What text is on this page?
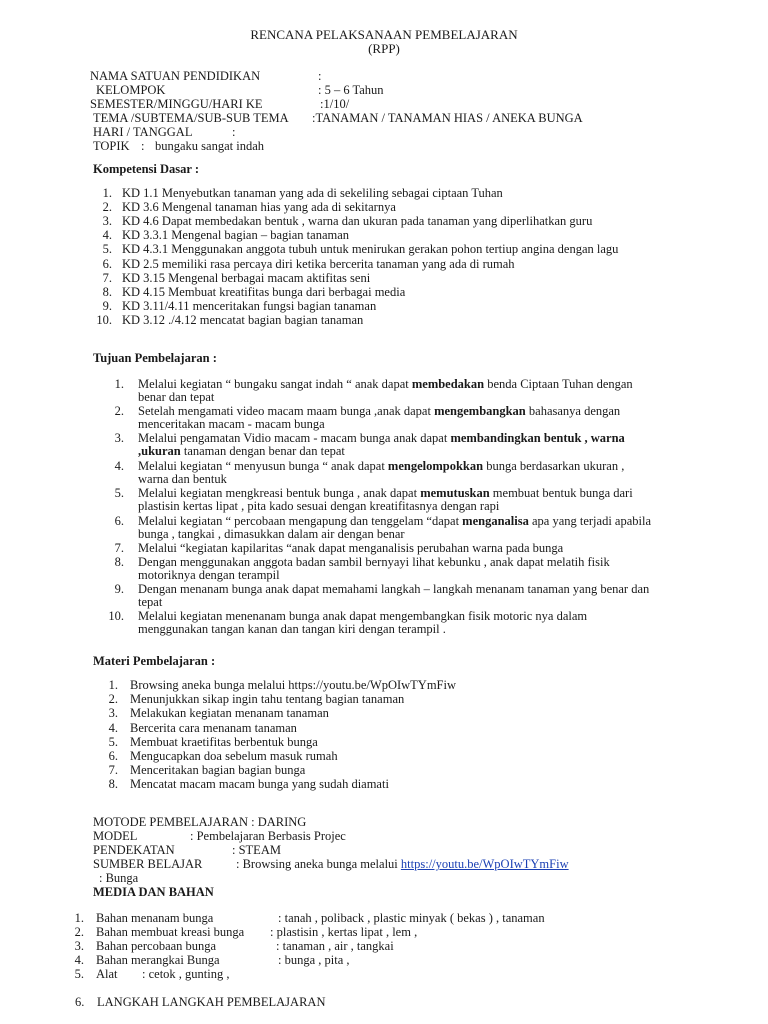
RENCANA PELAKSANAAN PEMBELAJARAN
(RPP)
NAMA SATUAN PENDIDIKAN	:
KELOMPOK	: 5 – 6 Tahun
SEMESTER/MINGGU/HARI KE	:1/10/
TEMA /SUBTEMA/SUB-SUB TEMA :TANAMAN / TANAMAN HIAS / ANEKA BUNGA
HARI / TANGGAL	:
TOPIK : bungaku sangat indah
Kompetensi Dasar :
1. KD 1.1 Menyebutkan tanaman yang ada di sekeliling sebagai ciptaan Tuhan
2. KD 3.6 Mengenal tanaman hias yang ada di sekitarnya
3. KD 4.6 Dapat membedakan bentuk , warna dan ukuran pada tanaman yang diperlihatkan guru
4. KD 3.3.1 Mengenal bagian – bagian tanaman
5. KD 4.3.1 Menggunakan anggota tubuh untuk menirukan gerakan pohon tertiup angina dengan lagu
6. KD 2.5 memiliki rasa percaya diri ketika bercerita tanaman yang ada di rumah
7. KD 3.15 Mengenal berbagai macam aktifitas seni
8. KD 4.15 Membuat kreatifitas bunga dari berbagai media
9. KD 3.11/4.11 menceritakan fungsi bagian tanaman
10. KD 3.12 ./4.12 mencatat bagian bagian tanaman
Tujuan Pembelajaran :
1. Melalui kegiatan “ bungaku sangat indah “ anak dapat membedakan benda Ciptaan Tuhan dengan
benar dan tepat
2. Setelah mengamati video macam maam bunga ,anak dapat mengembangkan bahasanya dengan
menceritakan macam - macam bunga
3. Melalui pengamatan Vidio macam - macam bunga anak dapat membandingkan bentuk , warna
,ukuran tanaman dengan benar dan tepat
4. Melalui kegiatan “ menyusun bunga “ anak dapat mengelompokkan bunga berdasarkan ukuran ,
warna dan bentuk
5. Melalui kegiatan mengkreasi bentuk bunga , anak dapat memutuskan membuat bentuk bunga dari
plastisin kertas lipat , pita kado sesuai dengan kreatifitasnya dengan rapi
6. Melalui kegiatan “ percobaan mengapung dan tenggelam “dapat menganalisa apa yang terjadi apabila
bunga , tangkai , dimasukkan dalam air dengan benar
7. Melalui “kegiatan kapilaritas “anak dapat menganalisis perubahan warna pada bunga
8. Dengan menggunakan anggota badan sambil bernyayi lihat kebunku , anak dapat melatih fisik
motoriknya dengan terampil
9. Dengan menanam bunga anak dapat memahami langkah – langkah menanam tanaman yang benar dan
tepat
10. Melalui kegiatan menenanam bunga anak dapat mengembangkan fisik motoric nya dalam
menggunakan tangan kanan dan tangan kiri dengan terampil .
Materi Pembelajaran :
1. Browsing aneka bunga melalui https://youtu.be/WpOIwTYmFiw
2. Menunjukkan sikap ingin tahu tentang bagian tanaman
3. Melakukan kegiatan menanam tanaman
4. Bercerita cara menanam tanaman
5. Membuat kraetifitas berbentuk bunga
6. Mengucapkan doa sebelum masuk rumah
7. Menceritakan bagian bagian bunga
8. Mencatat macam macam bunga yang sudah diamati
MOTODE PEMBELAJARAN : DARING
MODEL	: Pembelajaran Berbasis Projec
PENDEKATAN	: STEAM
SUMBER BELAJAR	: Browsing aneka bunga melalui https://youtu.be/WpOIwTYmFiw
: Bunga
MEDIA DAN BAHAN
1. Bahan menanam bunga	: tanah , poliback , plastic minyak ( bekas ) , tanaman
2. Bahan membuat kreasi bunga : plastisin , kertas lipat , lem ,
3. Bahan percobaan bunga	: tanaman , air , tangkai
4. Bahan merangkai Bunga	: bunga , pita ,
5. Alat : cetok , gunting ,
6. LANGKAH LANGKAH PEMBELAJARAN
